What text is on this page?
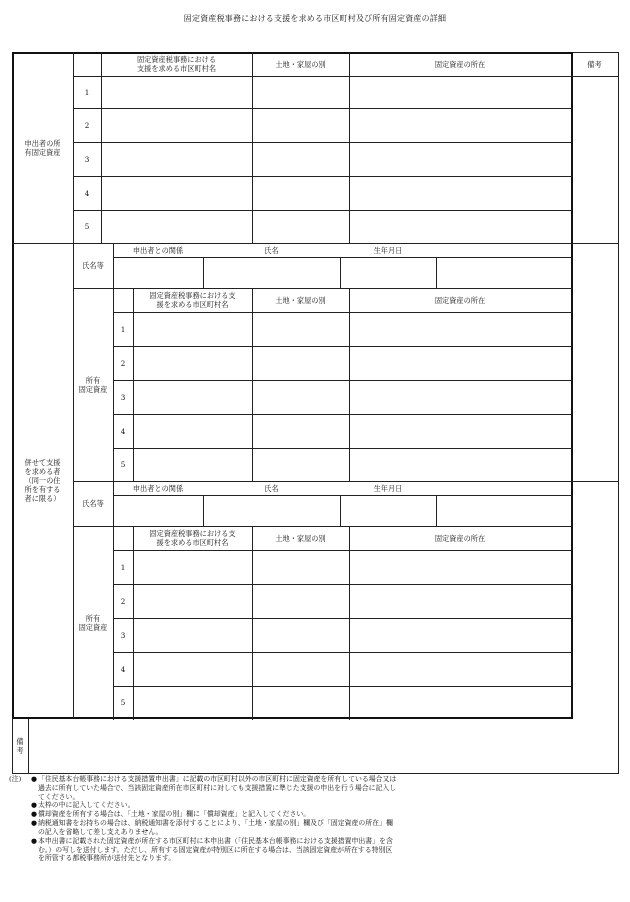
固定資産税事務における支援を求める市区町村及び所有固定資産の詳細
固定資産税事務における
支援を求める市区町村名	土地・家屋の別	固定資産の所在	備考
申出者の所
有固定資産
1
2
3
4
5
併せて支援
を求める者
（同一の住
所を有する
者に限る）
氏名等
申出者との関係	氏名	生年月日
固定資産税事務における支
援を求める市区町村名	土地・家屋の別	固定資産の所在
所有
固定資産
1
2
3
4
5
氏名等
申出者との関係	氏名	生年月日
固定資産税事務における支
援を求める市区町村名	土地・家屋の別	固定資産の所在
所有
固定資産
1
2
3
4
5
備
考
(注)	● 「住民基本台帳事務における支援措置申出書」に記載の市区町村以外の市区町村に固定資産を所有している場合又は
過去に所有していた場合で、当該固定資産所在市区町村に対しても支援措置に準じた支援の申出を行う場合に記入し
てください。
● 太枠の中に記入してください。
● 償却資産を所有する場合は、「土地・家屋の別」欄に「償却資産」と記入してください。
● 納税通知書をお持ちの場合は、納税通知書を添付することにより、「土地・家屋の別」欄及び「固定資産の所在」欄
の記入を省略して差し支えありません。
● 本申出書に記載された固定資産が所在する市区町村に本申出書（「住民基本台帳事務における支援措置申出書」を含
む。）の写しを送付します。ただし、所有する固定資産が特別区に所在する場合は、当該固定資産が所在する特別区
を所管する都税事務所が送付先となります。
